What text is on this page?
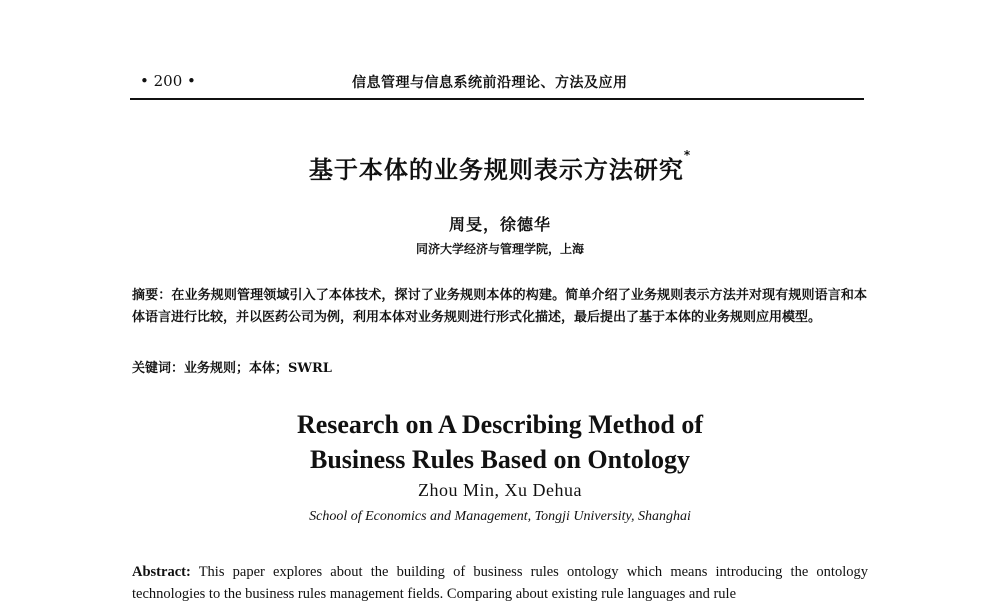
• 200 •	信息管理与信息系统前沿理论、方法及应用
基于本体的业务规则表示方法研究*
周旻，徐德华
同济大学经济与管理学院，上海

摘要：在业务规则管理领域引入了本体技术，探讨了业务规则本体的构建。简单介绍了业务规则表示方法并对现有规则语言和本体语言进行比较，并以医药公司为例，利用本体对业务规则进行形式化描述，最后提出了基于本体的业务规则应用模型。

关键词：业务规则；本体；SWRL
Research on A Describing Method of
Business Rules Based on Ontology
Zhou Min, Xu Dehua
School of Economics and Management, Tongji University, Shanghai
Abstract: This paper explores about the building of business rules ontology which means introducing the ontology technologies to the business rules management fields. Comparing about existing rule languages and rule
